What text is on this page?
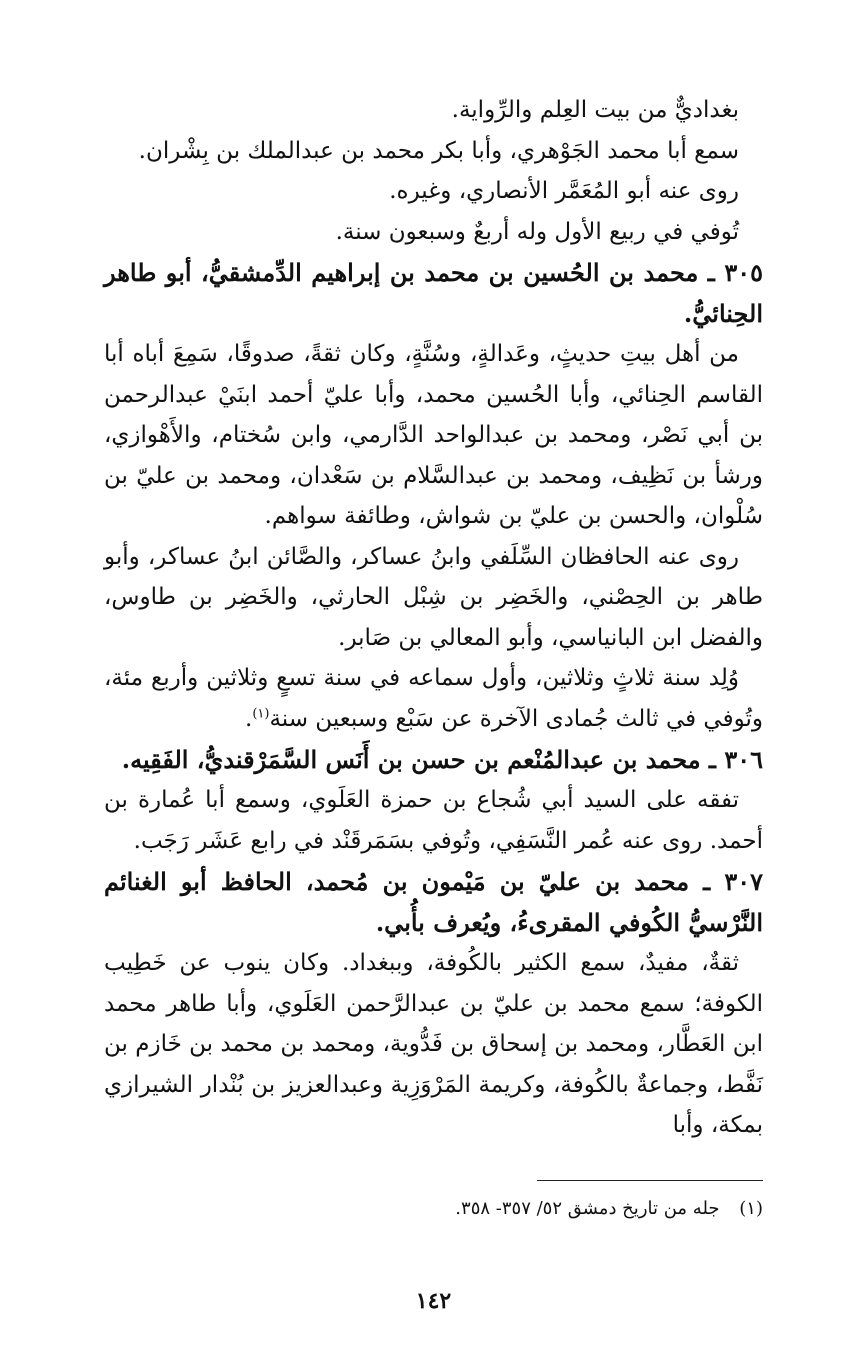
بغداديٌّ من بيت العِلم والرِّواية.

سمع أبا محمد الجَوْهري، وأبا بكر محمد بن عبدالملك بن بِشْران.

روى عنه أبو المُعَمَّر الأنصاري، وغيره.

تُوفي في ربيع الأول وله أربعٌ وسبعون سنة.

٣٠٥ ـ محمد بن الحُسين بن محمد بن إبراهيم الدِّمشقيُّ، أبو طاهر الحِنائيُّ.

من أهل بيتِ حديثٍ، وعَدالةٍ، وسُنَّةٍ، وكان ثقةً، صدوقًا، سَمِعَ أباه أبا القاسم الحِنائي، وأبا الحُسين محمد، وأبا عليّ أحمد ابنَيْ عبدالرحمن بن أبي نَصْر، ومحمد بن عبدالواحد الدَّارمي، وابن سُختام، والأَهْوازي، ورشأ بن نَظِيف، ومحمد بن عبدالسَّلام بن سَعْدان، ومحمد بن عليّ بن سُلْوان، والحسن بن عليّ بن شواش، وطائفة سواهم.

روى عنه الحافظان السِّلَفي وابنُ عساكر، والصَّائن ابنُ عساكر، وأبو طاهر بن الحِصْني، والخَضِر بن شِبْل الحارثي، والخَضِر بن طاوس، والفضل ابن البانياسي، وأبو المعالي بن صَابر.

وُلِد سنة ثلاثٍ وثلاثين، وأول سماعه في سنة تسعٍ وثلاثين وأربع مئة، وتُوفي في ثالث جُمادى الآخرة عن سَبْع وسبعين سنة$^{(١)}$.

٣٠٦ ـ محمد بن عبدالمُنْعم بن حسن بن أَنَس السَّمَرْقنديُّ، الفَقِيه.

تفقه على السيد أبي شُجاع بن حمزة العَلَوي، وسمع أبا عُمارة بن أحمد. روى عنه عُمر النَّسَفِي، وتُوفي بسَمَرقَنْد في رابع عَشَر رَجَب.

٣٠٧ ـ محمد بن عليّ بن مَيْمون بن مُحمد، الحافظ أبو الغنائم النَّرْسيُّ الكُوفي المقرىءُ، ويُعرف بأُبي.

ثقةٌ، مفيدٌ، سمع الكثير بالكُوفة، وببغداد. وكان ينوب عن خَطِيب الكوفة؛ سمع محمد بن عليّ بن عبدالرَّحمن العَلَوي، وأبا طاهر محمد ابن العَطَّار، ومحمد بن إسحاق بن فَدُّوية، ومحمد بن محمد بن خَازم بن نَفَّط، وجماعةٌ بالكُوفة، وكريمة المَرْوَزِية وعبدالعزيز بن بُنْدار الشيرازي بمكة، وأبا

(١) جله من تاريخ دمشق ٥٢/ ٣٥٧- ٣٥٨.
١٤٢
